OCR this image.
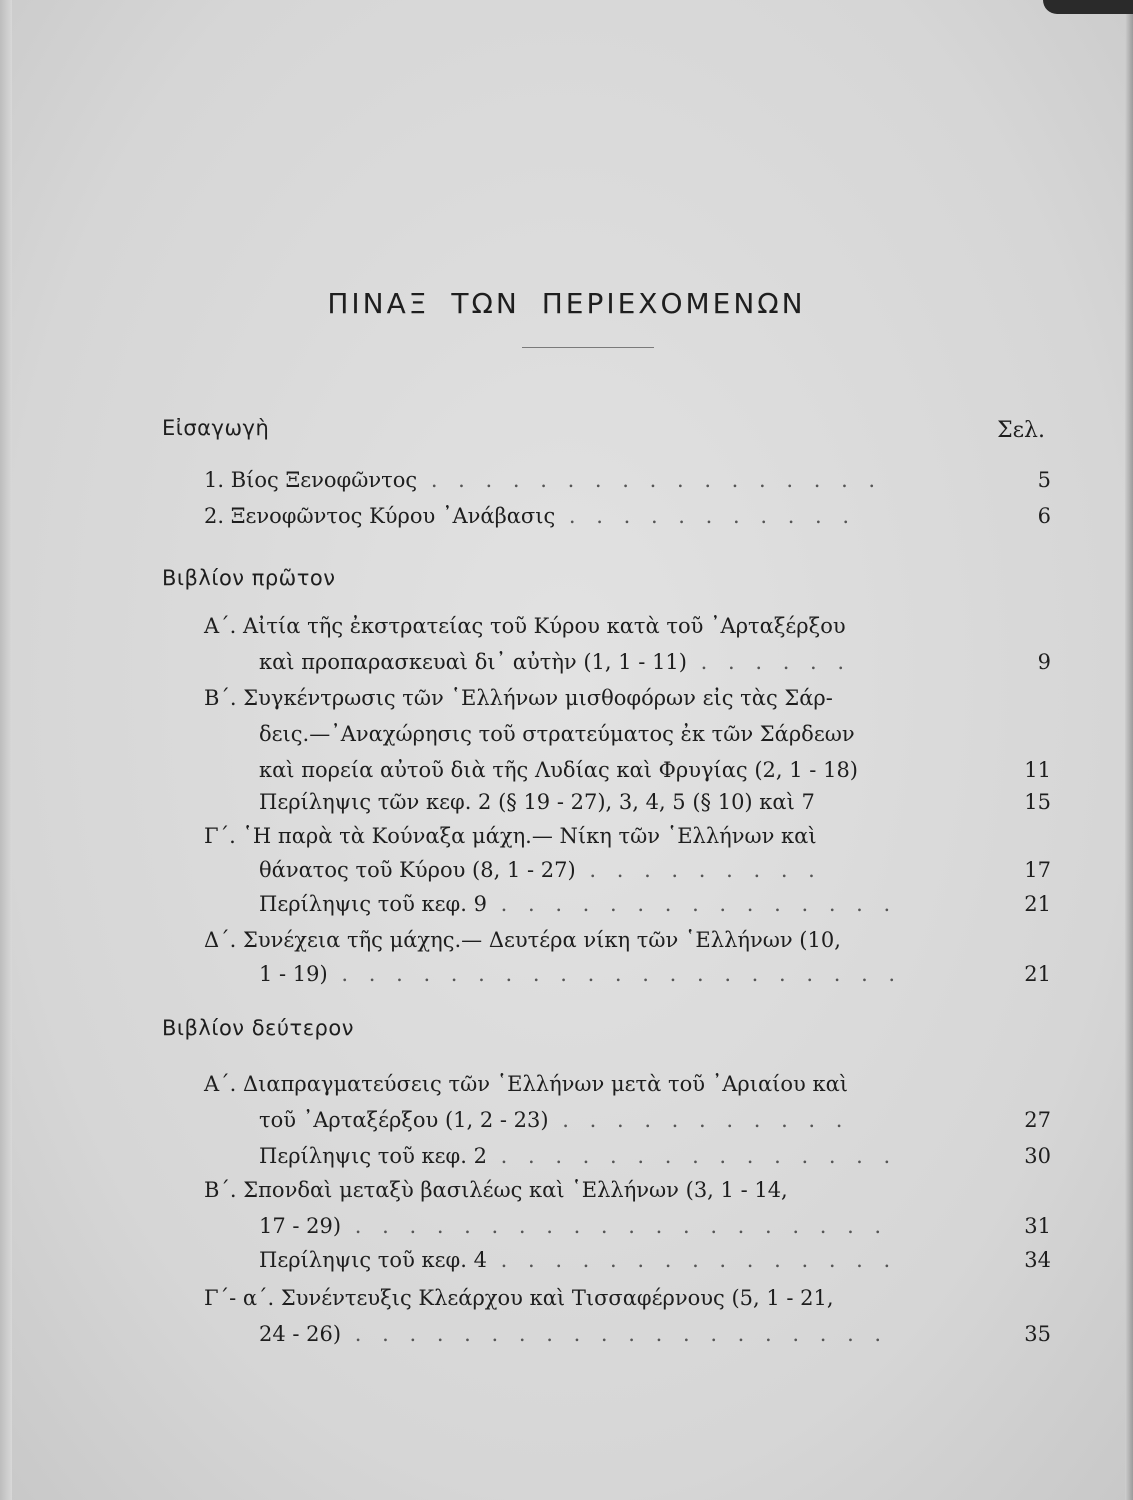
ΠΙΝΑΞ ΤΩΝ ΠΕΡΙΕΧΟΜΕΝΩΝ
Εἰσαγωγὴ	Σελ.
1. Βίος Ξενοφῶντος . . . . . . . . . . . . . . . . .	5
2. Ξενοφῶντος Κύρου ᾿Ανάβασις . . . . . . . . . . .	6
Α΄. Αἰτία τῆς ἐκστρατείας τοῦ Κύρου κατὰ τοῦ ᾿Αρταξέρξου
καὶ προπαρασκευαὶ δι᾿ αὐτὴν (1, 1 - 11) . . . . . .	9
Β΄. Συγκέντρωσις τῶν ῾Ελλήνων μισθοφόρων εἰς τὰς Σάρ-
δεις.—᾿Αναχώρησις τοῦ στρατεύματος ἐκ τῶν Σάρδεων
καὶ πορεία αὐτοῦ διὰ τῆς Λυδίας καὶ Φρυγίας (2, 1 - 18)	11
Περίληψις τῶν κεφ. 2 (§ 19 - 27), 3, 4, 5 (§ 10) καὶ 7	15
Γ΄. ῾Η παρὰ τὰ Κούναξα μάχη.— Νίκη τῶν ῾Ελλήνων καὶ
θάνατος τοῦ Κύρου (8, 1 - 27) . . . . . . . . .	17
Περίληψις τοῦ κεφ. 9 . . . . . . . . . . . . . . .	21
Δ΄. Συνέχεια τῆς μάχης.— Δευτέρα νίκη τῶν ῾Ελλήνων (10,
1 - 19) . . . . . . . . . . . . . . . . . . . . .	21
Α΄. Διαπραγματεύσεις τῶν ῾Ελλήνων μετὰ τοῦ ᾿Αριαίου καὶ
τοῦ ᾿Αρταξέρξου (1, 2 - 23) . . . . . . . . . . .	27
Περίληψις τοῦ κεφ. 2 . . . . . . . . . . . . . . .	30
Β΄. Σπονδαὶ μεταξὺ βασιλέως καὶ ῾Ελλήνων (3, 1 - 14,
17 - 29) . . . . . . . . . . . . . . . . . . . .	31
Περίληψις τοῦ κεφ. 4 . . . . . . . . . . . . . . .	34
Γ΄- α΄. Συνέντευξις Κλεάρχου καὶ Τισσαφέρνους (5, 1 - 21,
24 - 26) . . . . . . . . . . . . . . . . . . . .	35
Βιβλίον πρῶτον
Βιβλίον δεύτερον
